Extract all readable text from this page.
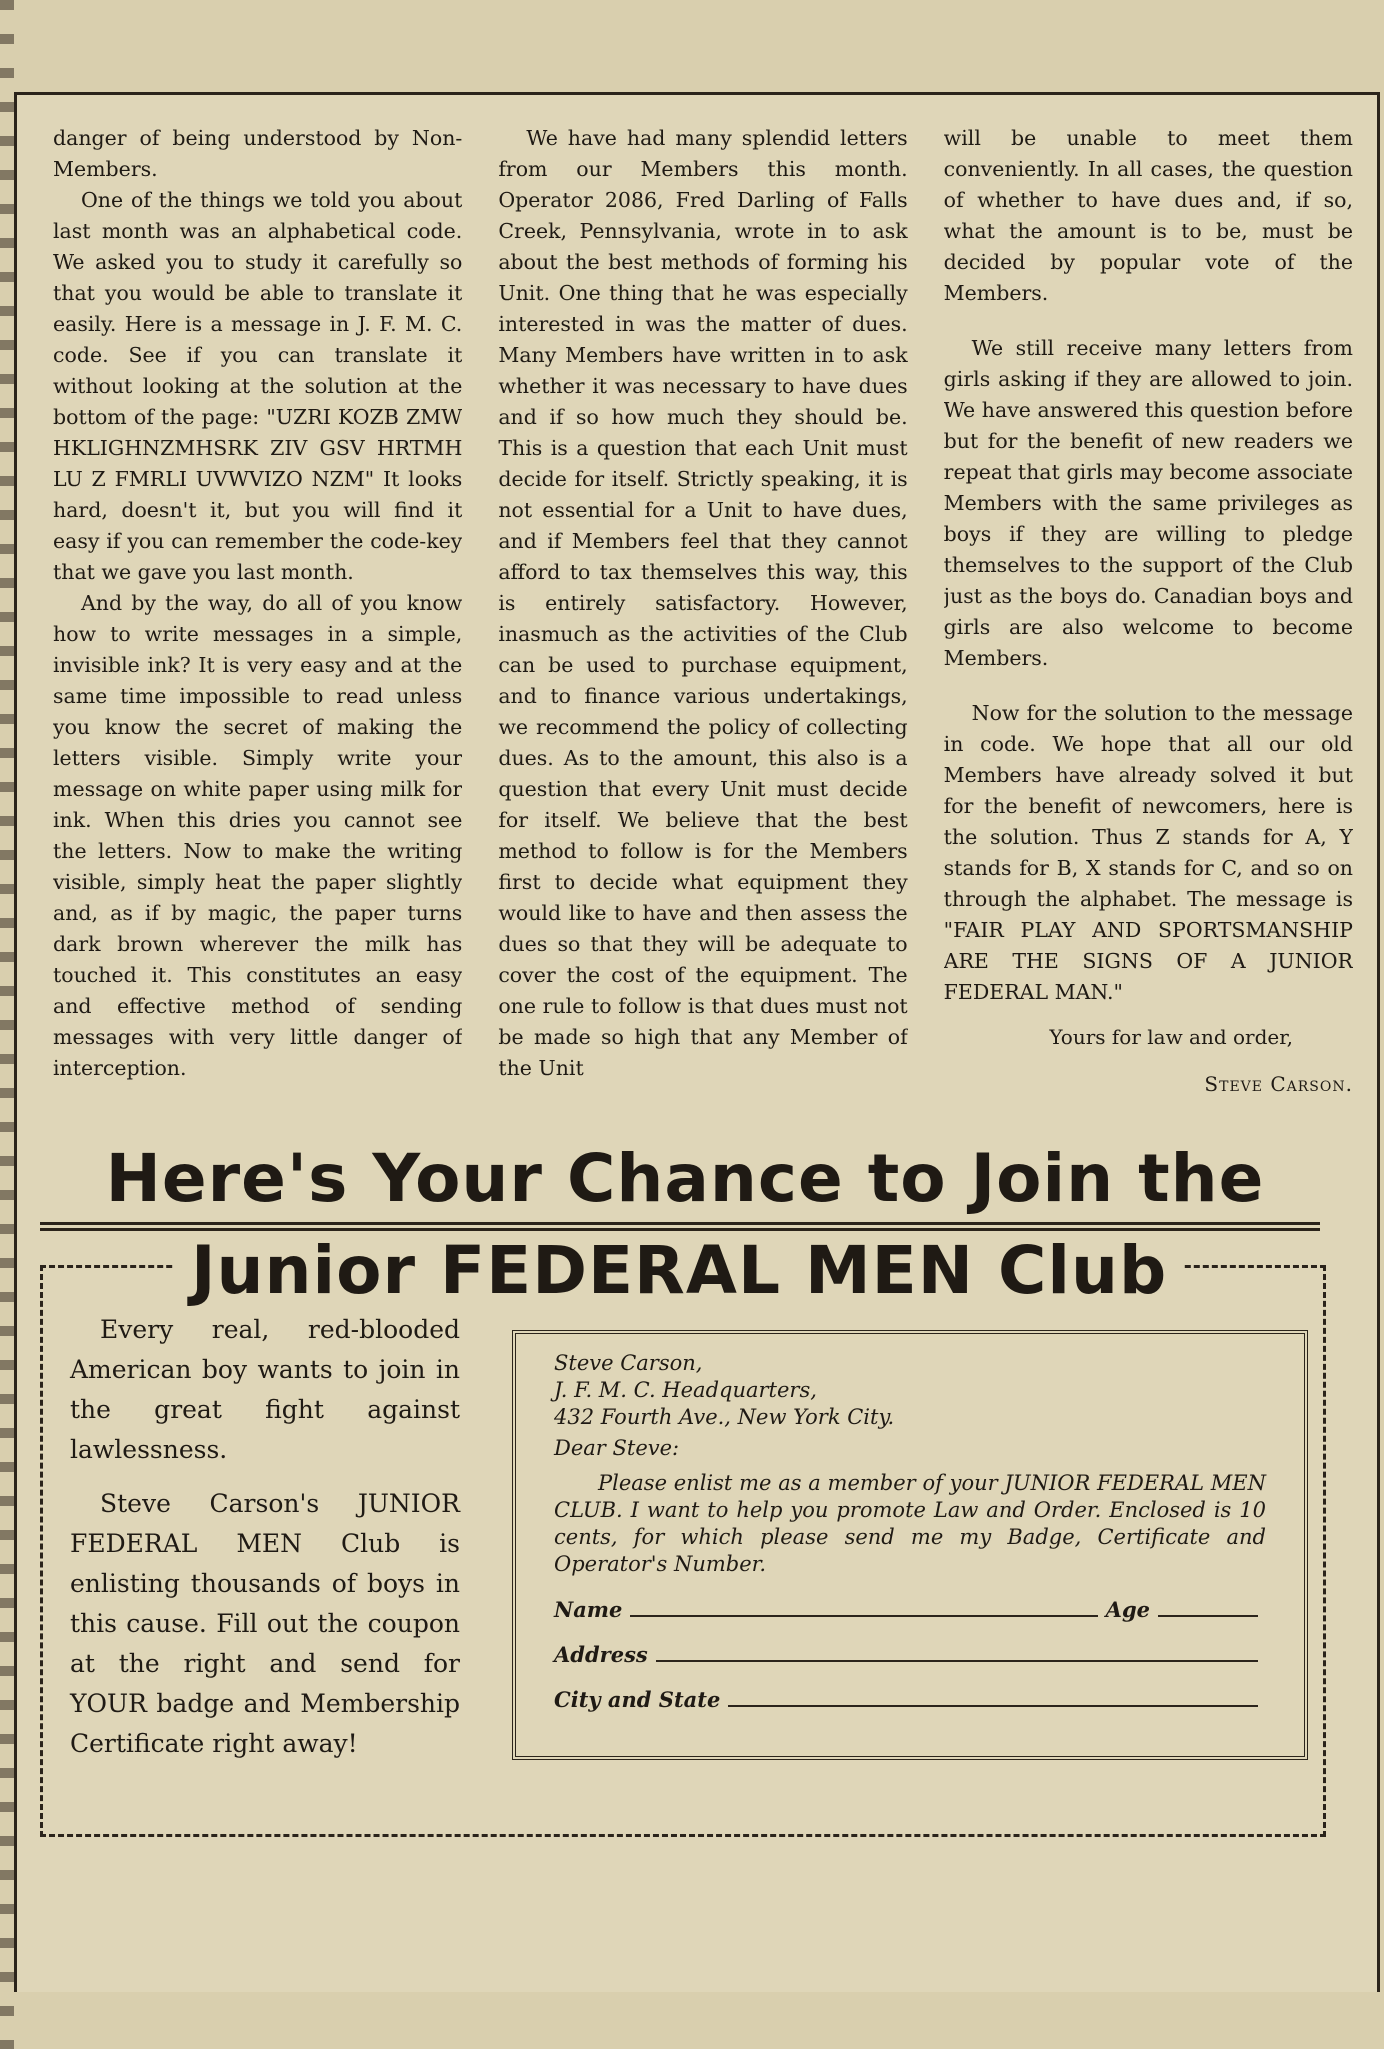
danger of being understood by Non-Members.

One of the things we told you about last month was an alphabetical code. We asked you to study it carefully so that you would be able to translate it easily. Here is a message in J. F. M. C. code. See if you can translate it without looking at the solution at the bottom of the page: "UZRI KOZB ZMW HKLIGHNZMHSRK ZIV GSV HRTMH LU Z FMRLI UVWVIZO NZM" It looks hard, doesn't it, but you will find it easy if you can remember the code-key that we gave you last month.

And by the way, do all of you know how to write messages in a simple, invisible ink? It is very easy and at the same time impossible to read unless you know the secret of making the letters visible. Simply write your message on white paper using milk for ink. When this dries you cannot see the letters. Now to make the writing visible, simply heat the paper slightly and, as if by magic, the paper turns dark brown wherever the milk has touched it. This constitutes an easy and effective method of sending messages with very little danger of interception.

We have had many splendid letters from our Members this month. Operator 2086, Fred Darling of Falls Creek, Pennsylvania, wrote in to ask about the best methods of forming his Unit. One thing that he was especially interested in was the matter of dues. Many Members have written in to ask whether it was necessary to have dues and if so how much they should be. This is a question that each Unit must decide for itself. Strictly speaking, it is not essential for a Unit to have dues, and if Members feel that they cannot afford to tax themselves this way, this is entirely satisfactory. However, inasmuch as the activities of the Club can be used to purchase equipment, and to finance various undertakings, we recommend the policy of collecting dues. As to the amount, this also is a question that every Unit must decide for itself. We believe that the best method to follow is for the Members first to decide what equipment they would like to have and then assess the dues so that they will be adequate to cover the cost of the equipment. The one rule to follow is that dues must not be made so high that any Member of the Unit

will be unable to meet them conveniently. In all cases, the question of whether to have dues and, if so, what the amount is to be, must be decided by popular vote of the Members.

We still receive many letters from girls asking if they are allowed to join. We have answered this question before but for the benefit of new readers we repeat that girls may become associate Members with the same privileges as boys if they are willing to pledge themselves to the support of the Club just as the boys do. Canadian boys and girls are also welcome to become Members.

Now for the solution to the message in code. We hope that all our old Members have already solved it but for the benefit of newcomers, here is the solution. Thus Z stands for A, Y stands for B, X stands for C, and so on through the alphabet. The message is "FAIR PLAY AND SPORTSMANSHIP ARE THE SIGNS OF A JUNIOR FEDERAL MAN."

Yours for law and order,
Steve Carson.
Here's Your Chance to Join the
Junior FEDERAL MEN Club

Every real, red-blooded American boy wants to join in the great fight against lawlessness.

Steve Carson's JUNIOR FEDERAL MEN Club is enlisting thousands of boys in this cause. Fill out the coupon at the right and send for YOUR badge and Membership Certificate right away!

Steve Carson,
J. F. M. C. Headquarters,
432 Fourth Ave., New York City.
Dear Steve:

Please enlist me as a member of your JUNIOR FEDERAL MEN CLUB. I want to help you promote Law and Order. Enclosed is 10 cents, for which please send me my Badge, Certificate and Operator's Number.

Name	Age
Address
City and State
